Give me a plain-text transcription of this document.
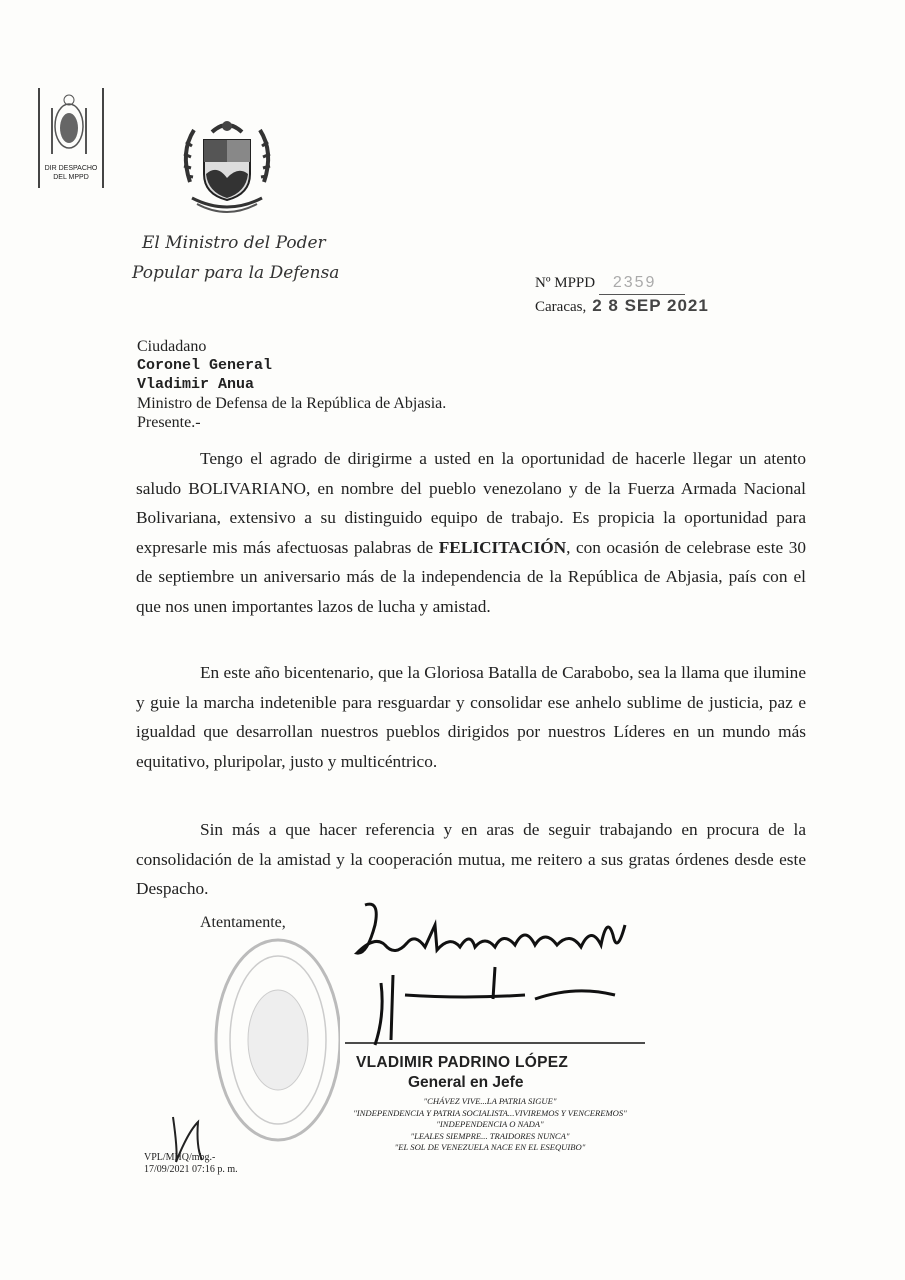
DIR DESPACHO DEL MPPD
El Ministro del Poder
Popular para la Defensa	Nº MPPD 2359
Caracas, 2 8 SEP 2021
Ciudadano
Coronel General
Vladimir Anua
Ministro de Defensa de la República de Abjasia.
Presente.-

Tengo el agrado de dirigirme a usted en la oportunidad de hacerle llegar un atento saludo BOLIVARIANO, en nombre del pueblo venezolano y de la Fuerza Armada Nacional Bolivariana, extensivo a su distinguido equipo de trabajo. Es propicia la oportunidad para expresarle mis más afectuosas palabras de FELICITACIÓN, con ocasión de celebrase este 30 de septiembre un aniversario más de la independencia de la República de Abjasia, país con el que nos unen importantes lazos de lucha y amistad.

En este año bicentenario, que la Gloriosa Batalla de Carabobo, sea la llama que ilumine y guie la marcha indetenible para resguardar y consolidar ese anhelo sublime de justicia, paz e igualdad que desarrollan nuestros pueblos dirigidos por nuestros Líderes en un mundo más equitativo, pluripolar, justo y multicéntrico.

Sin más a que hacer referencia y en aras de seguir trabajando en procura de la consolidación de la amistad y la cooperación mutua, me reitero a sus gratas órdenes desde este Despacho.

Atentamente,
VLADIMIR PADRINO LÓPEZ
General en Jefe
"CHÁVEZ VIVE...LA PATRIA SIGUE"
"INDEPENDENCIA Y PATRIA SOCIALISTA...VIVIREMOS Y VENCEREMOS"
"INDEPENDENCIA O NADA"
"LEALES SIEMPRE... TRAIDORES NUNCA"
"EL SOL DE VENEZUELA NACE EN EL ESEQUIBO"
VPL/MHQ/mbg.-
17/09/2021 07:16 p. m.
